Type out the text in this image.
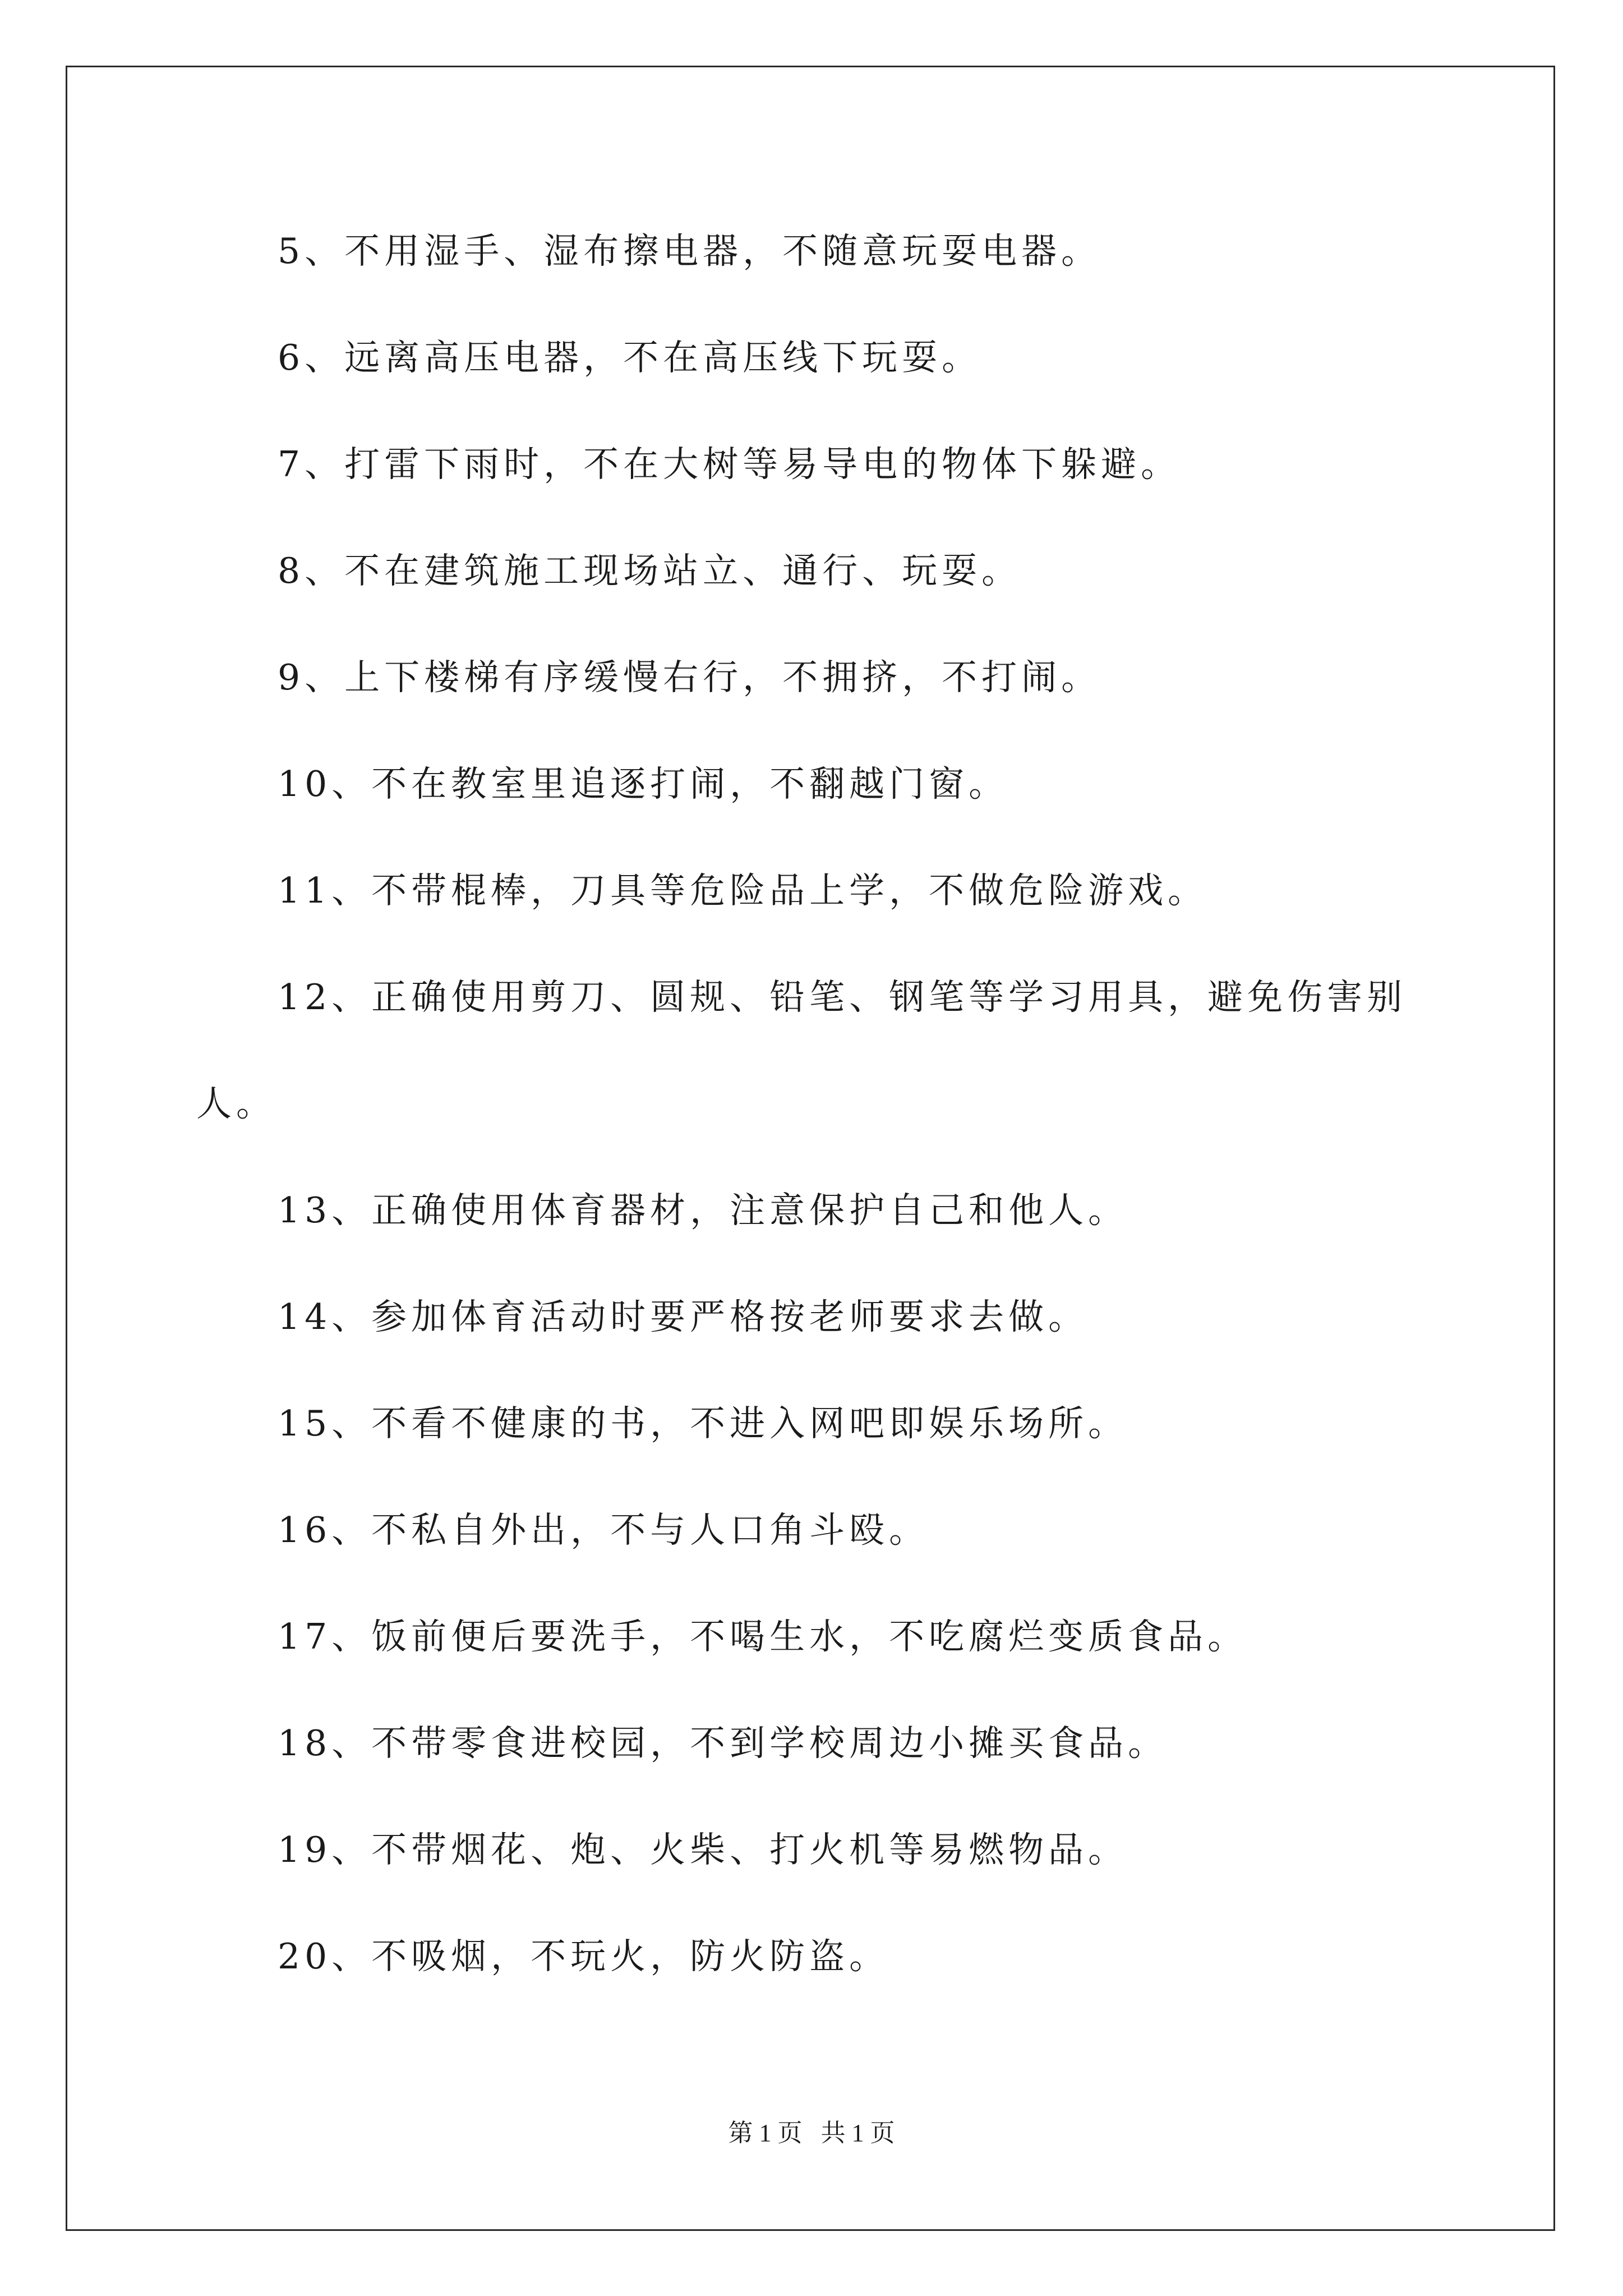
5、不用湿手、湿布擦电器，不随意玩耍电器。
6、远离高压电器，不在高压线下玩耍。
7、打雷下雨时，不在大树等易导电的物体下躲避。
8、不在建筑施工现场站立、通行、玩耍。
9、上下楼梯有序缓慢右行，不拥挤，不打闹。
10、不在教室里追逐打闹，不翻越门窗。
11、不带棍棒，刀具等危险品上学，不做危险游戏。
12、正确使用剪刀、圆规、铅笔、钢笔等学习用具，避免伤害别
人。
13、正确使用体育器材，注意保护自己和他人。
14、参加体育活动时要严格按老师要求去做。
15、不看不健康的书，不进入网吧即娱乐场所。
16、不私自外出，不与人口角斗殴。
17、饭前便后要洗手，不喝生水，不吃腐烂变质食品。
18、不带零食进校园，不到学校周边小摊买食品。
19、不带烟花、炮、火柴、打火机等易燃物品。
20、不吸烟，不玩火，防火防盗。
第 1 页   共 1 页
